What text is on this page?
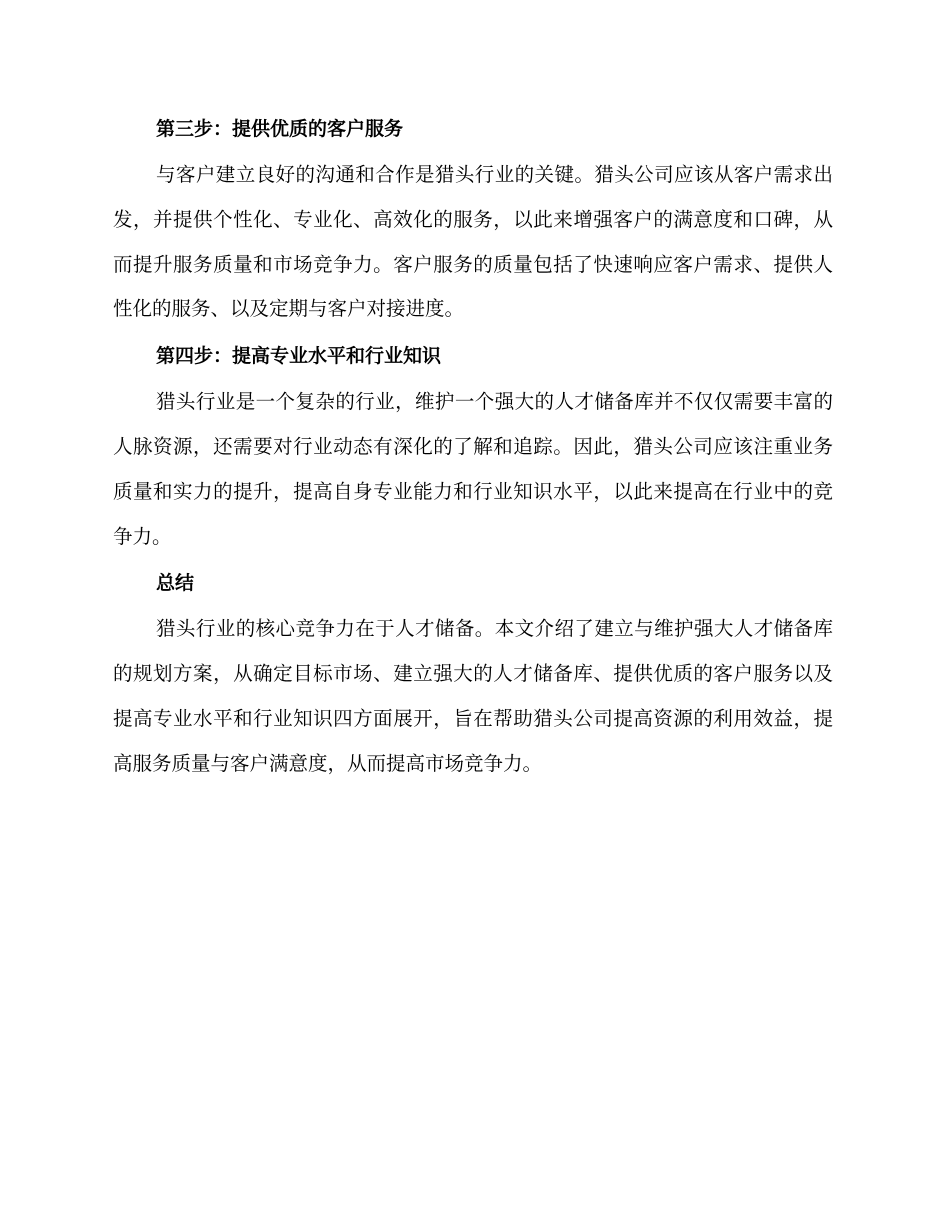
第三步：提供优质的客户服务

与客户建立良好的沟通和合作是猎头行业的关键。猎头公司应该从客户需求出发，并提供个性化、专业化、高效化的服务，以此来增强客户的满意度和口碑，从而提升服务质量和市场竞争力。客户服务的质量包括了快速响应客户需求、提供人性化的服务、以及定期与客户对接进度。

第四步：提高专业水平和行业知识

猎头行业是一个复杂的行业，维护一个强大的人才储备库并不仅仅需要丰富的人脉资源，还需要对行业动态有深化的了解和追踪。因此，猎头公司应该注重业务质量和实力的提升，提高自身专业能力和行业知识水平，以此来提高在行业中的竞争力。

总结

猎头行业的核心竞争力在于人才储备。本文介绍了建立与维护强大人才储备库的规划方案，从确定目标市场、建立强大的人才储备库、提供优质的客户服务以及提高专业水平和行业知识四方面展开，旨在帮助猎头公司提高资源的利用效益，提高服务质量与客户满意度，从而提高市场竞争力。
